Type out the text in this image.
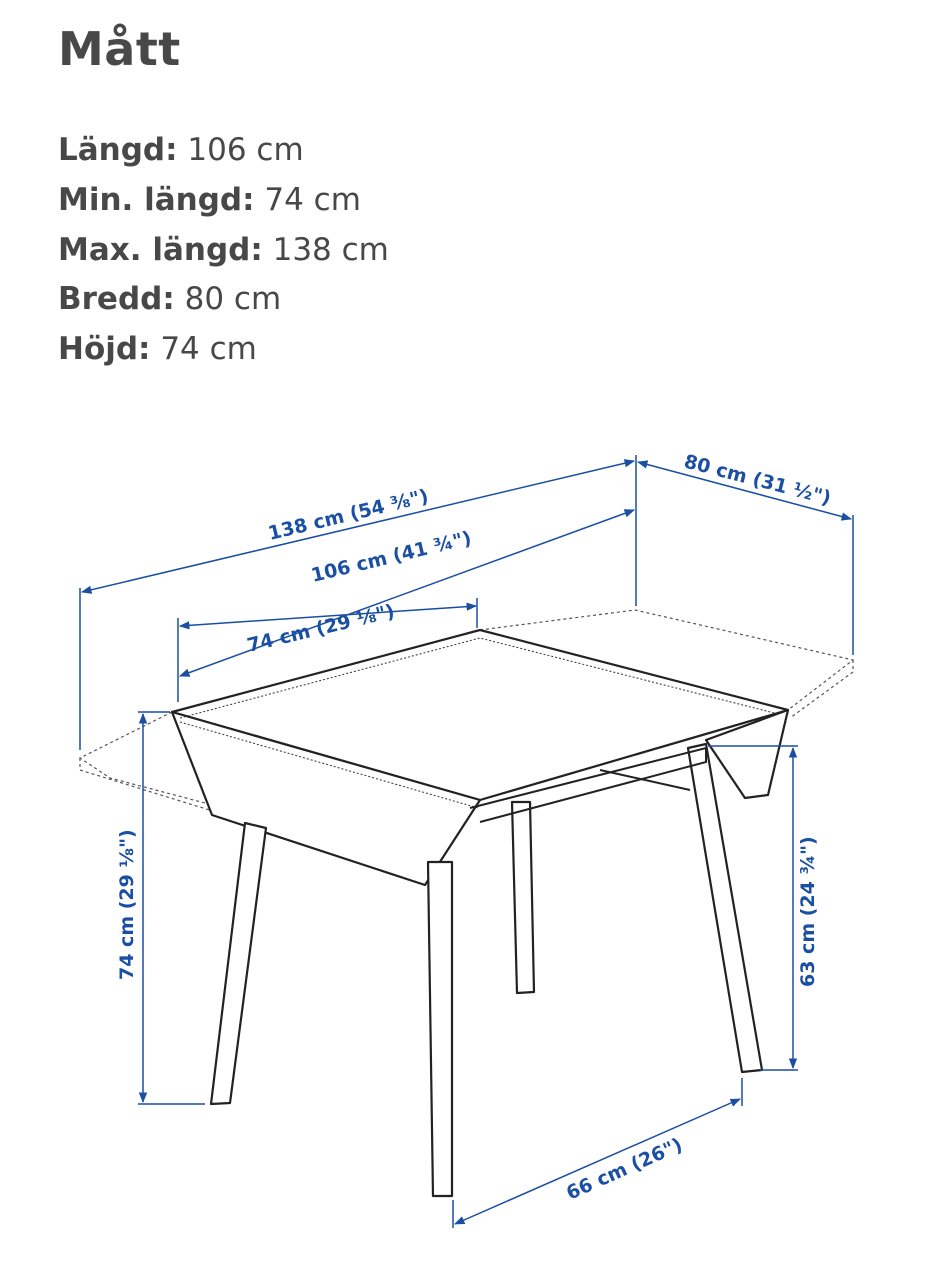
Mått
Längd: 106 cm
Min. längd: 74 cm
Max. längd: 138 cm
Bredd: 80 cm
Höjd: 74 cm
138 cm (54 ⅜")
106 cm (41 ¾")
74 cm (29 ⅛")
80 cm (31 ½")
74 cm (29 ⅛")	63 cm (24 ¾")
66 cm (26")
